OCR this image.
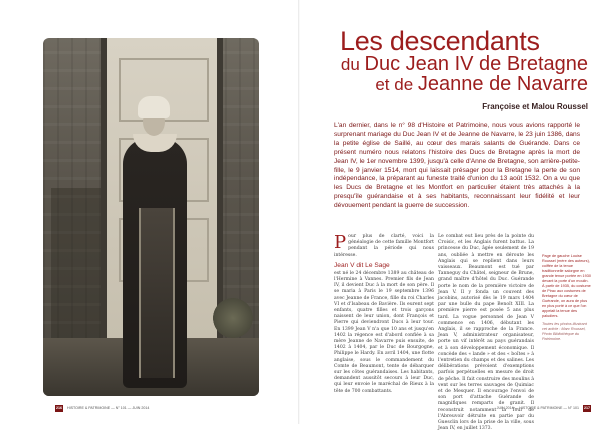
Les descendants
du Duc Jean IV de Bretagne
et de Jeanne de Navarre
Françoise et Malou Roussel

L'an dernier, dans le n° 98 d'Histoire et Patrimoine, nous vous avions rapporté le surprenant mariage du Duc Jean IV et de Jeanne de Navarre, le 23 juin 1386, dans la petite église de Saillé, au cœur des marais salants de Guérande. Dans ce présent numéro nous relatons l'histoire des Ducs de Bretagne après la mort de Jean IV, le 1er novembre 1399, jusqu'à celle d'Anne de Bretagne, son arrière-petite-fille, le 9 janvier 1514, mort qui laissait présager pour la Bretagne la perte de son indépendance, la préparant au funeste traité d'union du 13 août 1532. On a vu que les Ducs de Bretagne et les Montfort en particulier étaient très attachés à la presqu'île guérandaise et à ses habitants, reconnaissant leur fidélité et leur dévouement pendant la guerre de succession.

P our plus de clarté, voici la généalogie de cette famille Montfort pendant la période qui nous intéresse.

Jean V dit Le Sage

est né le 24 décembre 1389 au château de l'Hermine à Vannes. Premier fils de Jean IV, il devient Duc à la mort de son père. Il se maria à Paris le 19 septembre 1396 avec Jeanne de France, fille du roi Charles VI et d'Isabeau de Bavière. Ils eurent sept enfants, quatre filles et trois garçons naissent de leur union, dont François et Pierre qui deviendront Ducs à leur tour. En 1399 Jean V n'a que 10 ans et jusqu'en 1402 la régence est d'abord confiée à sa mère Jeanne de Navarre puis ensuite, de 1402 à 1404, par le Duc de Bourgogne, Philippe le Hardy. En avril 1404, une flotte anglaise, sous le commandement du Comte de Beaumont, tente de débarquer sur les côtes guérandaises. Les habitants, demandent aussitôt secours à leur Duc, qui leur envoie le maréchal de Rieux à la tête de 700 combattants.

Le combat eut lieu près de la pointe du Croisic, et les Anglais furent battus. La princesse du Duc, âgée seulement de 19 ans, oubliée à mettre en déroute les Anglais qui se replient dans leurs vaisseaux. Beaumont est tué par Tanneguy du Châtel, seigneur de Brune, grand maître d'hôtel du Duc. Guérande porte le nom de la première victoire de Jean V. Il y fonda un couvent des jacobins, autorisé dès le 19 mars 1404 par une bulle du pape Benoît XIII. La première pierre est posée 5 ans plus tard. La vogue personnel de Jean V commence en 1406, débutant les Anglais, il se rapproche de la France. Jean V, administrateur organisateur, porte un vif intérêt au pays guérandais et à son développement économique. Il concède des « lande » et des « boîtes » à l'entretien du champs et des salines. Les délibérations prévoient d'exemptions parfois perpétuelles en mesure de droit de pêche. Il fait construire des moulins à vent sur les terres sauvages de Quimiac et de Mesquer. Il encourage l'envoi de son port d'attache Guérande de magnifiques remparts de granit. Il reconstruit notamment la Tour de l'Abreuvoir détruite en partie par du Guesclin lors de la prise de la ville, sous Jean IV, en juillet 1373.

Page de gauche Louise Roussel (mère des auteurs), coiffée de la tenue traditionnelle salorgne en grande tenue portée en 1930 devant la porte d'un moulin. À partir de 1935, du costume de Pirac aux costumes de Bretagne du cœur de Guérande, on aura de plus en plus porté à ce que l'on appelait la tenue des paludiers.
Toutes les photos illustrant cet article : Marc Roussel, Photo Bibliothèque du Patrimoine.
216 HISTOIRE & PATRIMOINE — N° 101 — JUIN 2014	JUIN 2014 — HISTOIRE & PATRIMOINE — N° 101 217
